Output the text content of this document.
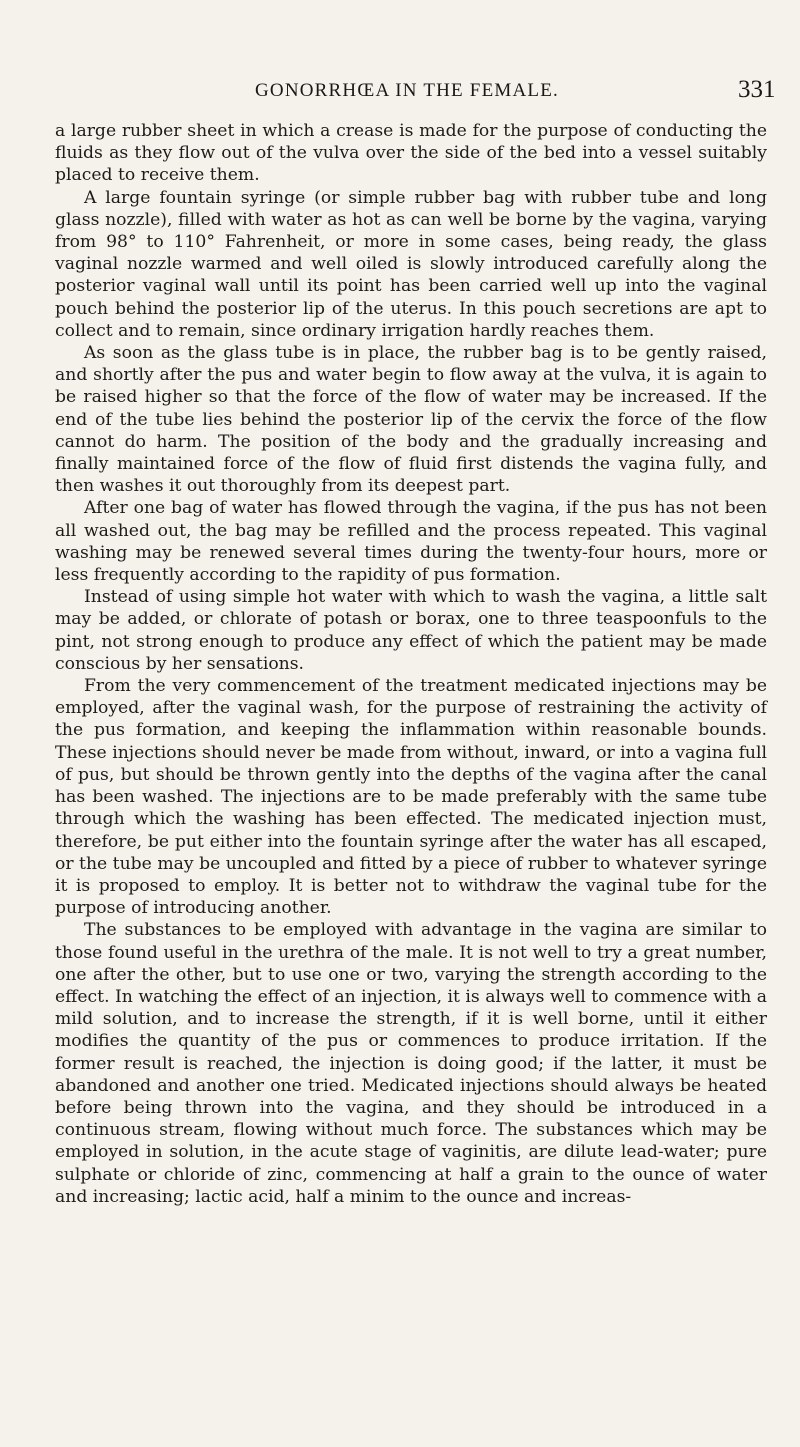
GONORRHŒA IN THE FEMALE.	331

a large rubber sheet in which a crease is made for the purpose of conducting the fluids as they flow out of the vulva over the side of the bed into a vessel suitably placed to receive them.

A large fountain syringe (or simple rubber bag with rubber tube and long glass nozzle), filled with water as hot as can well be borne by the vagina, varying from 98° to 110° Fahrenheit, or more in some cases, being ready, the glass vaginal nozzle warmed and well oiled is slowly introduced carefully along the posterior vaginal wall until its point has been carried well up into the vaginal pouch behind the posterior lip of the uterus. In this pouch secretions are apt to collect and to remain, since ordinary irrigation hardly reaches them.

As soon as the glass tube is in place, the rubber bag is to be gently raised, and shortly after the pus and water begin to flow away at the vulva, it is again to be raised higher so that the force of the flow of water may be increased. If the end of the tube lies behind the posterior lip of the cervix the force of the flow cannot do harm. The position of the body and the gradually increasing and finally maintained force of the flow of fluid first distends the vagina fully, and then washes it out thoroughly from its deepest part.

After one bag of water has flowed through the vagina, if the pus has not been all washed out, the bag may be refilled and the process repeated. This vaginal washing may be renewed several times during the twenty-four hours, more or less frequently according to the rapidity of pus formation.

Instead of using simple hot water with which to wash the vagina, a little salt may be added, or chlorate of potash or borax, one to three teaspoonfuls to the pint, not strong enough to produce any effect of which the patient may be made conscious by her sensations.

From the very commencement of the treatment medicated injections may be employed, after the vaginal wash, for the purpose of restraining the activity of the pus formation, and keeping the inflammation within reasonable bounds. These injections should never be made from without, inward, or into a vagina full of pus, but should be thrown gently into the depths of the vagina after the canal has been washed. The injections are to be made preferably with the same tube through which the washing has been effected. The medicated injection must, therefore, be put either into the fountain syringe after the water has all escaped, or the tube may be uncoupled and fitted by a piece of rubber to whatever syringe it is proposed to employ. It is better not to withdraw the vaginal tube for the purpose of introducing another.

The substances to be employed with advantage in the vagina are similar to those found useful in the urethra of the male. It is not well to try a great number, one after the other, but to use one or two, varying the strength according to the effect. In watching the effect of an injection, it is always well to commence with a mild solution, and to increase the strength, if it is well borne, until it either modifies the quantity of the pus or commences to produce irritation. If the former result is reached, the injection is doing good; if the latter, it must be abandoned and another one tried. Medicated injections should always be heated before being thrown into the vagina, and they should be introduced in a continuous stream, flowing without much force. The substances which may be employed in solution, in the acute stage of vaginitis, are dilute lead-water; pure sulphate or chloride of zinc, commencing at half a grain to the ounce of water and increasing; lactic acid, half a minim to the ounce and increas-
